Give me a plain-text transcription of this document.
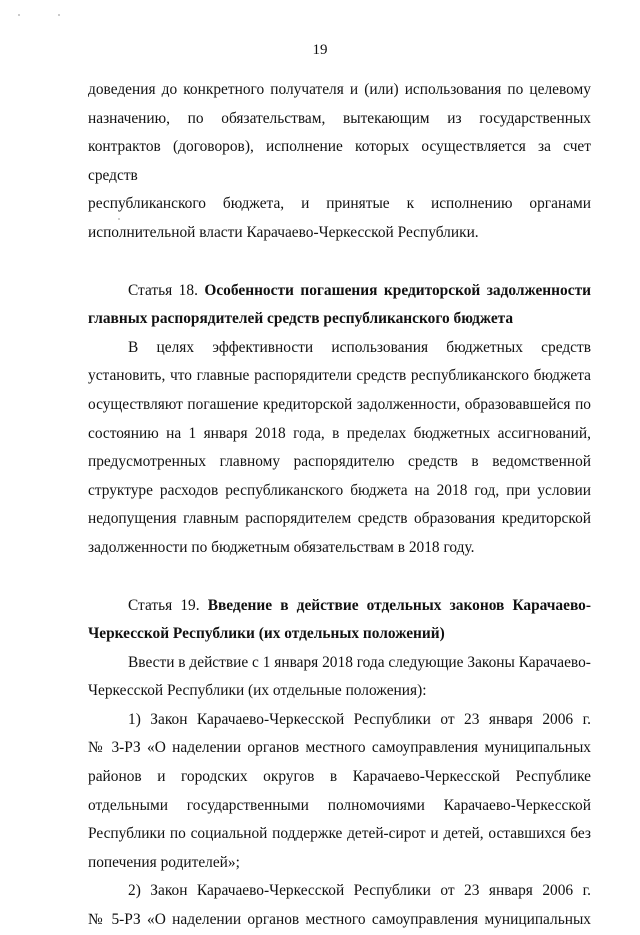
19

доведения до конкретного получателя и (или) использования по целевому

назначению, по обязательствам, вытекающим из государственных

контрактов (договоров), исполнение которых осуществляется за счет средств

республиканского бюджета, и принятые к исполнению органами

исполнительной власти Карачаево-Черкесской Республики.

Статья 18. Особенности погашения кредиторской задолженности

главных распорядителей средств республиканского бюджета

В целях эффективности использования бюджетных средств

установить, что главные распорядители средств республиканского бюджета

осуществляют погашение кредиторской задолженности, образовавшейся по

состоянию на 1 января 2018 года, в пределах бюджетных ассигнований,

предусмотренных главному распорядителю средств в ведомственной

структуре расходов республиканского бюджета на 2018 год, при условии

недопущения главным распорядителем средств образования кредиторской

задолженности по бюджетным обязательствам в 2018 году.

Статья 19. Введение в действие отдельных законов Карачаево-

Черкесской Республики (их отдельных положений)

Ввести в действие с 1 января 2018 года следующие Законы Карачаево-

Черкесской Республики (их отдельные положения):

1) Закон Карачаево-Черкесской Республики от 23 января 2006 г.

№ 3-РЗ «О наделении органов местного самоуправления муниципальных

районов и городских округов в Карачаево-Черкесской Республике

отдельными государственными полномочиями Карачаево-Черкесской

Республики по социальной поддержке детей-сирот и детей, оставшихся без

попечения родителей»;

2) Закон Карачаево-Черкесской Республики от 23 января 2006 г.

№ 5-РЗ «О наделении органов местного самоуправления муниципальных
